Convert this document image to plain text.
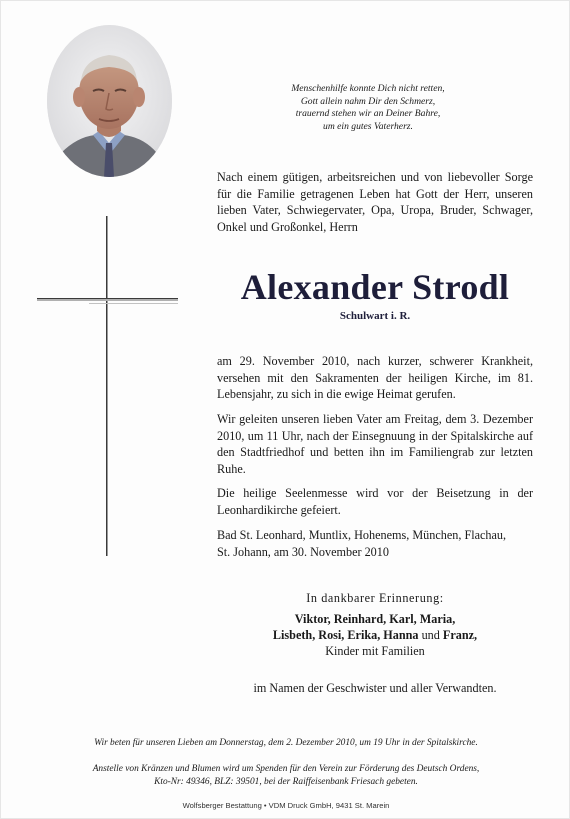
Menschenhilfe konnte Dich nicht retten,
Gott allein nahm Dir den Schmerz,
trauernd stehen wir an Deiner Bahre,
um ein gutes Vaterherz.
Nach einem gütigen, arbeitsreichen und von liebevoller Sorge für die Familie getragenen Leben hat Gott der Herr, unseren lieben Vater, Schwiegervater, Opa, Uropa, Bruder, Schwager, Onkel und Großonkel, Herrn
Alexander Strodl
Schulwart i. R.
am 29. November 2010, nach kurzer, schwerer Krankheit, versehen mit den Sakramenten der heiligen Kirche, im 81. Lebensjahr, zu sich in die ewige Heimat gerufen.
Wir geleiten unseren lieben Vater am Freitag, dem 3. Dezember 2010, um 11 Uhr, nach der Einsegnuung in der Spitalskirche auf den Stadtfriedhof und betten ihn im Familiengrab zur letzten Ruhe.
Die heilige Seelenmesse wird vor der Beisetzung in der Leonhardikirche gefeiert.
Bad St. Leonhard, Muntlix, Hohenems, München, Flachau,
St. Johann, am 30. November 2010
In dankbarer Erinnerung:
Viktor, Reinhard, Karl, Maria,
Lisbeth, Rosi, Erika, Hanna und Franz,
Kinder mit Familien
im Namen der Geschwister und aller Verwandten.
Wir beten für unseren Lieben am Donnerstag, dem 2. Dezember 2010, um 19 Uhr in der Spitalskirche.
Anstelle von Kränzen und Blumen wird um Spenden für den Verein zur Förderung des Deutsch Ordens,
Kto-Nr: 49346, BLZ: 39501, bei der Raiffeisenbank Friesach gebeten.
Wolfsberger Bestattung • VDM Druck GmbH, 9431 St. Marein
